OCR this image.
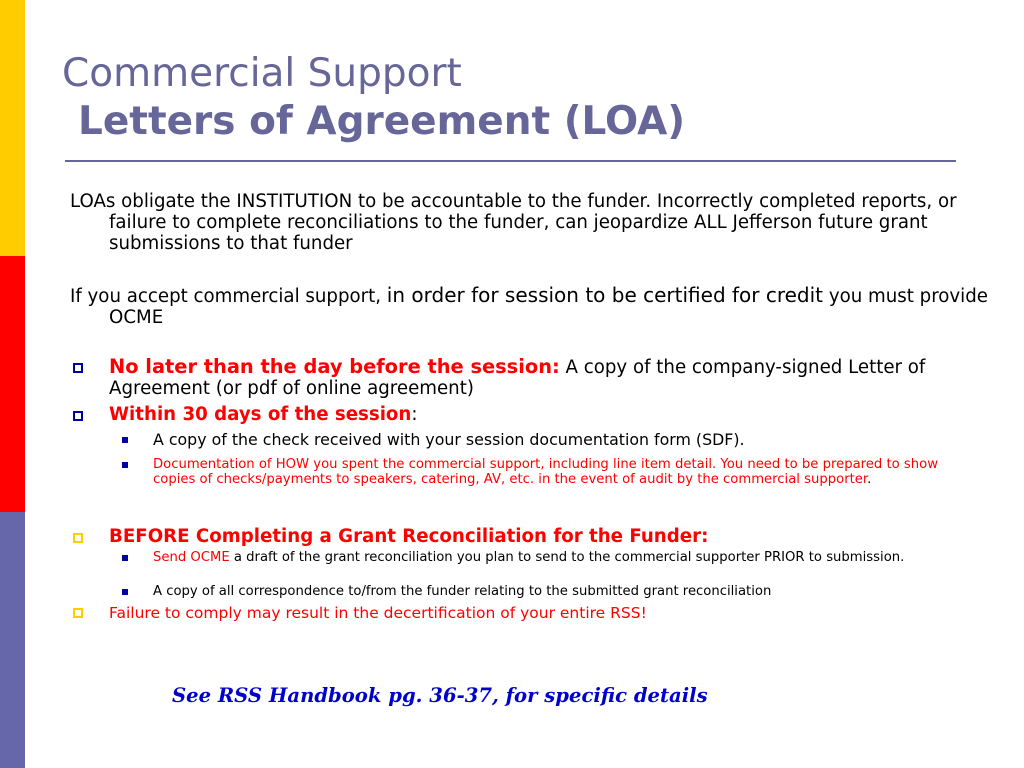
Commercial Support
Letters of Agreement (LOA)
LOAs obligate the INSTITUTION to be accountable to the funder. Incorrectly completed reports, or failure to complete reconciliations to the funder, can jeopardize ALL Jefferson future grant submissions to that funder
If you accept commercial support, in order for session to be certified for credit you must provide OCME
No later than the day before the session: A copy of the company-signed Letter of Agreement (or pdf of online agreement)
Within 30 days of the session:
A copy of the check received with your session documentation form (SDF).
Documentation of HOW you spent the commercial support, including line item detail. You need to be prepared to show copies of checks/payments to speakers, catering, AV, etc. in the event of audit by the commercial supporter.
BEFORE Completing a Grant Reconciliation for the Funder:
Send OCME a draft of the grant reconciliation you plan to send to the commercial supporter PRIOR to submission.
A copy of all correspondence to/from the funder relating to the submitted grant reconciliation
Failure to comply may result in the decertification of your entire RSS!
See RSS Handbook pg. 36-37, for specific details
